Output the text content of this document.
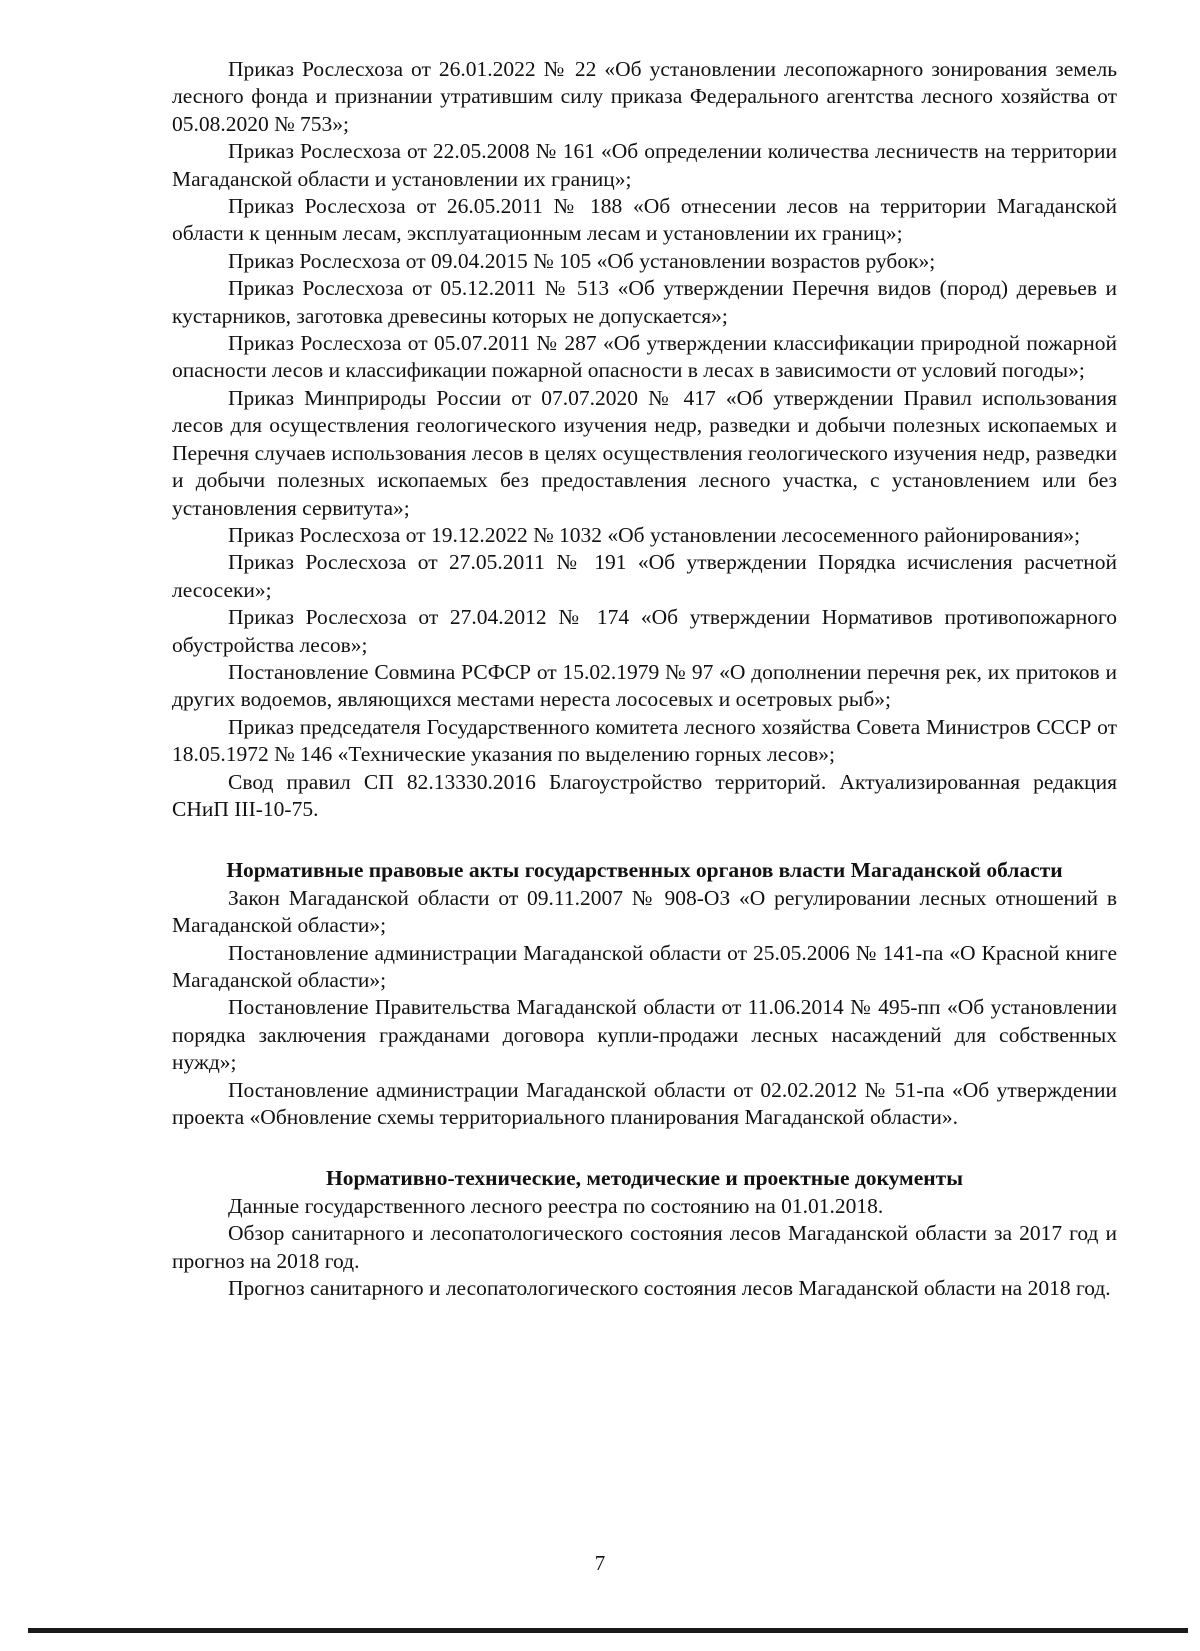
Приказ Рослесхоза от 26.01.2022 № 22 «Об установлении лесопожарного зонирования земель лесного фонда и признании утратившим силу приказа Федерального агентства лесного хозяйства от 05.08.2020 № 753»;

Приказ Рослесхоза от 22.05.2008 № 161 «Об определении количества лесничеств на территории Магаданской области и установлении их границ»;

Приказ Рослесхоза от 26.05.2011 № 188 «Об отнесении лесов на территории Магаданской области к ценным лесам, эксплуатационным лесам и установлении их границ»;

Приказ Рослесхоза от 09.04.2015 № 105 «Об установлении возрастов рубок»;

Приказ Рослесхоза от 05.12.2011 № 513 «Об утверждении Перечня видов (пород) деревьев и кустарников, заготовка древесины которых не допускается»;

Приказ Рослесхоза от 05.07.2011 № 287 «Об утверждении классификации природной пожарной опасности лесов и классификации пожарной опасности в лесах в зависимости от условий погоды»;

Приказ Минприроды России от 07.07.2020 № 417 «Об утверждении Правил использования лесов для осуществления геологического изучения недр, разведки и добычи полезных ископаемых и Перечня случаев использования лесов в целях осуществления геологического изучения недр, разведки и добычи полезных ископаемых без предоставления лесного участка, с установлением или без установления сервитута»;

Приказ Рослесхоза от 19.12.2022 № 1032 «Об установлении лесосеменного районирования»;

Приказ Рослесхоза от 27.05.2011 № 191 «Об утверждении Порядка исчисления расчетной лесосеки»;

Приказ Рослесхоза от 27.04.2012 № 174 «Об утверждении Нормативов противопожарного обустройства лесов»;

Постановление Совмина РСФСР от 15.02.1979 № 97 «О дополнении перечня рек, их притоков и других водоемов, являющихся местами нереста лососевых и осетровых рыб»;

Приказ председателя Государственного комитета лесного хозяйства Совета Министров СССР от 18.05.1972 № 146 «Технические указания по выделению горных лесов»;

Свод правил СП 82.13330.2016 Благоустройство территорий. Актуализированная редакция СНиП III-10-75.

Нормативные правовые акты государственных органов власти Магаданской области

Закон Магаданской области от 09.11.2007 № 908-ОЗ «О регулировании лесных отношений в Магаданской области»;

Постановление администрации Магаданской области от 25.05.2006 № 141-па «О Красной книге Магаданской области»;

Постановление Правительства Магаданской области от 11.06.2014 № 495-пп «Об установлении порядка заключения гражданами договора купли-продажи лесных насаждений для собственных нужд»;

Постановление администрации Магаданской области от 02.02.2012 № 51-па «Об утверждении проекта «Обновление схемы территориального планирования Магаданской области».

Нормативно-технические, методические и проектные документы

Данные государственного лесного реестра по состоянию на 01.01.2018.

Обзор санитарного и лесопатологического состояния лесов Магаданской области за 2017 год и прогноз на 2018 год.

Прогноз санитарного и лесопатологического состояния лесов Магаданской области на 2018 год.

7
